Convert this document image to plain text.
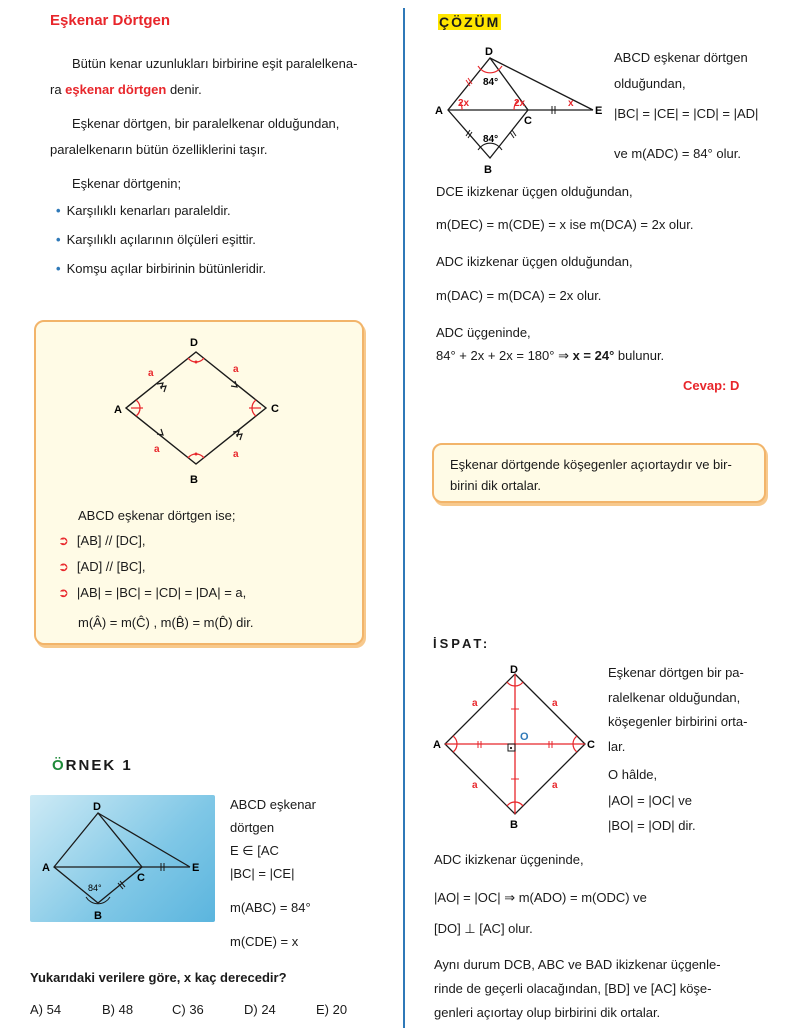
Eşkenar Dörtgen
Bütün kenar uzunlukları birbirine eşit paralelkena-
ra eşkenar dörtgen denir.
Eşkenar dörtgen, bir paralelkenar olduğundan,
paralelkenarın bütün özelliklerini taşır.
Eşkenar dörtgenin;
• Karşılıklı kenarları paraleldir.
• Karşılıklı açılarının ölçüleri eşittir.
• Komşu açılar birbirinin bütünleridir.
D
C
B
A
a	a
a	a
ABCD eşkenar dörtgen ise;
➲ [AB] // [DC],
➲ [AD] // [BC],
➲ |AB| = |BC| = |CD| = |DA| = a,
m(Â) = m(Ĉ) , m(B̂) = m(D̂) dir.
ÖRNEK 1
D
A
C
E
B
84°
ABCD eşkenar
dörtgen
E ∈ [AC
|BC| = |CE|
m(ABC) = 84°
m(CDE) = x
Yukarıdaki verilere göre, x kaç derecedir?
A) 54	B) 48	C) 36	D) 24	E) 20
ÇÖZÜM
D
A
C
E
B
84°
84°
2x	2x	x
ABCD eşkenar dörtgen
olduğundan,
|BC| = |CE| = |CD| = |AD|
ve m(ADC) = 84° olur.
DCE ikizkenar üçgen olduğundan,
m(DEC) = m(CDE) = x ise m(DCA) = 2x olur.
ADC ikizkenar üçgen olduğundan,
m(DAC) = m(DCA) = 2x olur.
ADC üçgeninde,
84° + 2x + 2x = 180° ⇒ x = 24° bulunur.
Cevap: D
Eşkenar dörtgende köşegenler açıortaydır ve bir-
birini dik ortalar.
İSPAT:
D
A	C
B
O
a	a
a	a
Eşkenar dörtgen bir pa-
ralelkenar olduğundan,
köşegenler birbirini orta-
lar.
O hâlde,
|AO| = |OC| ve
|BO| = |OD| dir.
ADC ikizkenar üçgeninde,
|AO| = |OC| ⇒ m(ADO) = m(ODC) ve
[DO] ⊥ [AC] olur.
Aynı durum DCB, ABC ve BAD ikizkenar üçgenle-
rinde de geçerli olacağından, [BD] ve [AC] köşe-
genleri açıortay olup birbirini dik ortalar.
